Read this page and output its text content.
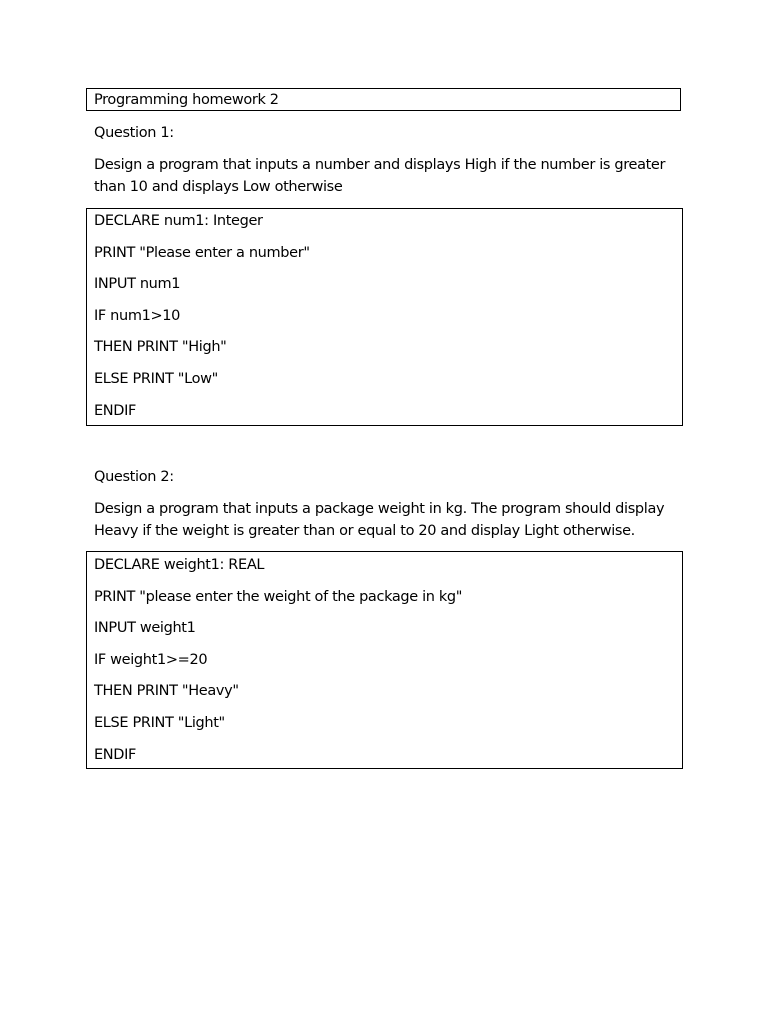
Programming homework 2
Question 1:
Design a program that inputs a number and displays High if the number is greater
than 10 and displays Low otherwise
DECLARE num1: Integer
PRINT "Please enter a number"
INPUT num1
IF num1>10
THEN PRINT "High"
ELSE PRINT "Low"
ENDIF
Question 2:
Design a program that inputs a package weight in kg. The program should display
Heavy if the weight is greater than or equal to 20 and display Light otherwise.
DECLARE weight1: REAL
PRINT "please enter the weight of the package in kg"
INPUT weight1
IF weight1>=20
THEN PRINT "Heavy"
ELSE PRINT "Light"
ENDIF
